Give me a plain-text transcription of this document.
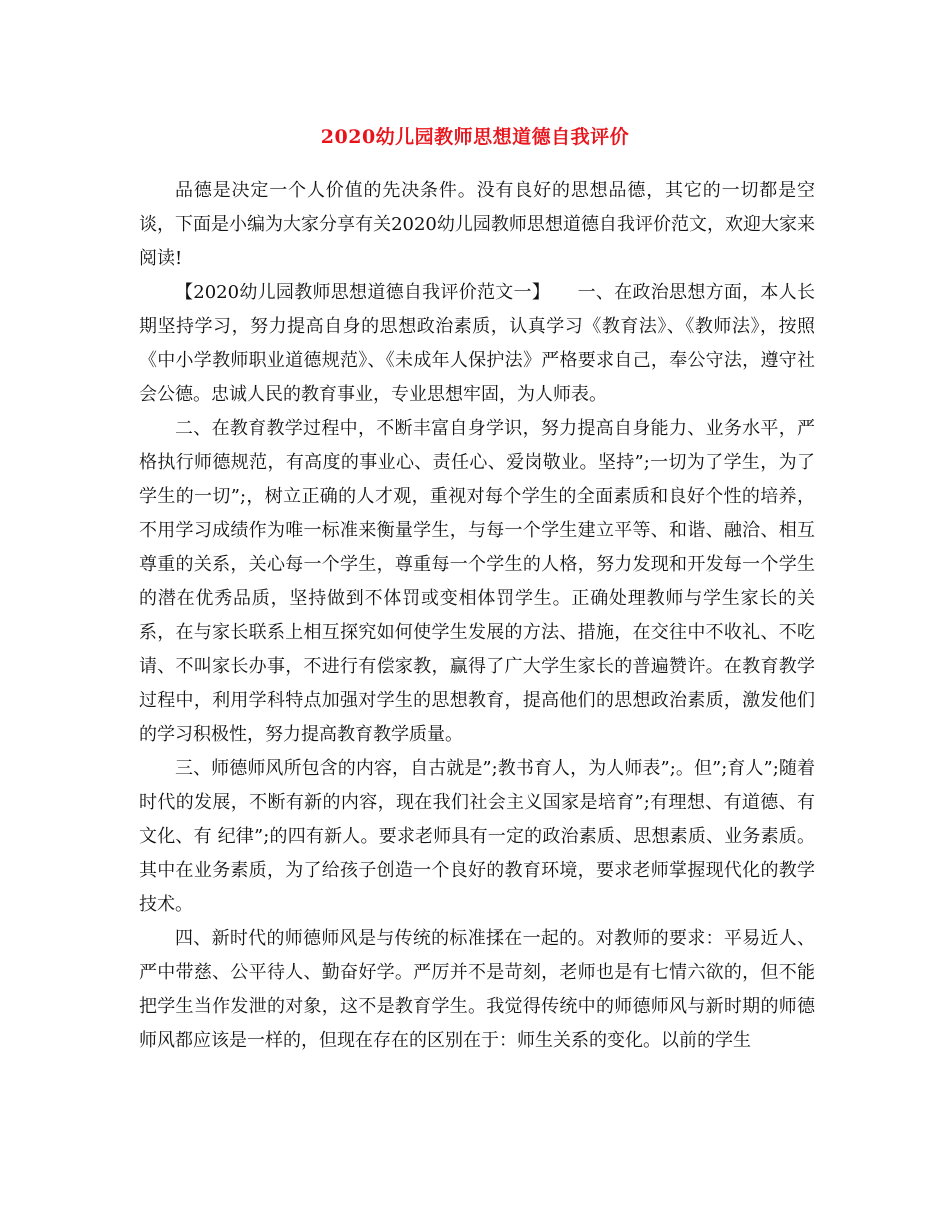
2020幼儿园教师思想道德自我评价

品德是决定一个人价值的先决条件。没有良好的思想品德，其它的一切都是空谈，下面是小编为大家分享有关2020幼儿园教师思想道德自我评价范文，欢迎大家来阅读!

【2020幼儿园教师思想道德自我评价范文一】　　一、在政治思想方面，本人长期坚持学习，努力提高自身的思想政治素质，认真学习《教育法》、《教师法》，按照《中小学教师职业道德规范》、《未成年人保护法》严格要求自己，奉公守法，遵守社会公德。忠诚人民的教育事业，专业思想牢固，为人师表。

二、在教育教学过程中，不断丰富自身学识，努力提高自身能力、业务水平，严格执行师德规范，有高度的事业心、责任心、爱岗敬业。坚持”;一切为了学生，为了学生的一切”;，树立正确的人才观，重视对每个学生的全面素质和良好个性的培养，不用学习成绩作为唯一标准来衡量学生，与每一个学生建立平等、和谐、融洽、相互尊重的关系，关心每一个学生，尊重每一个学生的人格，努力发现和开发每一个学生的潜在优秀品质，坚持做到不体罚或变相体罚学生。正确处理教师与学生家长的关系，在与家长联系上相互探究如何使学生发展的方法、措施，在交往中不收礼、不吃请、不叫家长办事，不进行有偿家教，赢得了广大学生家长的普遍赞许。在教育教学过程中，利用学科特点加强对学生的思想教育，提高他们的思想政治素质，激发他们的学习积极性，努力提高教育教学质量。

三、师德师风所包含的内容，自古就是”;教书育人，为人师表”;。但”;育人”;随着时代的发展，不断有新的内容，现在我们社会主义国家是培育”;有理想、有道德、有文化、有 纪律”;的四有新人。要求老师具有一定的政治素质、思想素质、业务素质。其中在业务素质，为了给孩子创造一个良好的教育环境，要求老师掌握现代化的教学技术。

四、新时代的师德师风是与传统的标准揉在一起的。对教师的要求：平易近人、严中带慈、公平待人、勤奋好学。严厉并不是苛刻，老师也是有七情六欲的，但不能把学生当作发泄的对象，这不是教育学生。我觉得传统中的师德师风与新时期的师德师风都应该是一样的，但现在存在的区别在于：师生关系的变化。以前的学生
